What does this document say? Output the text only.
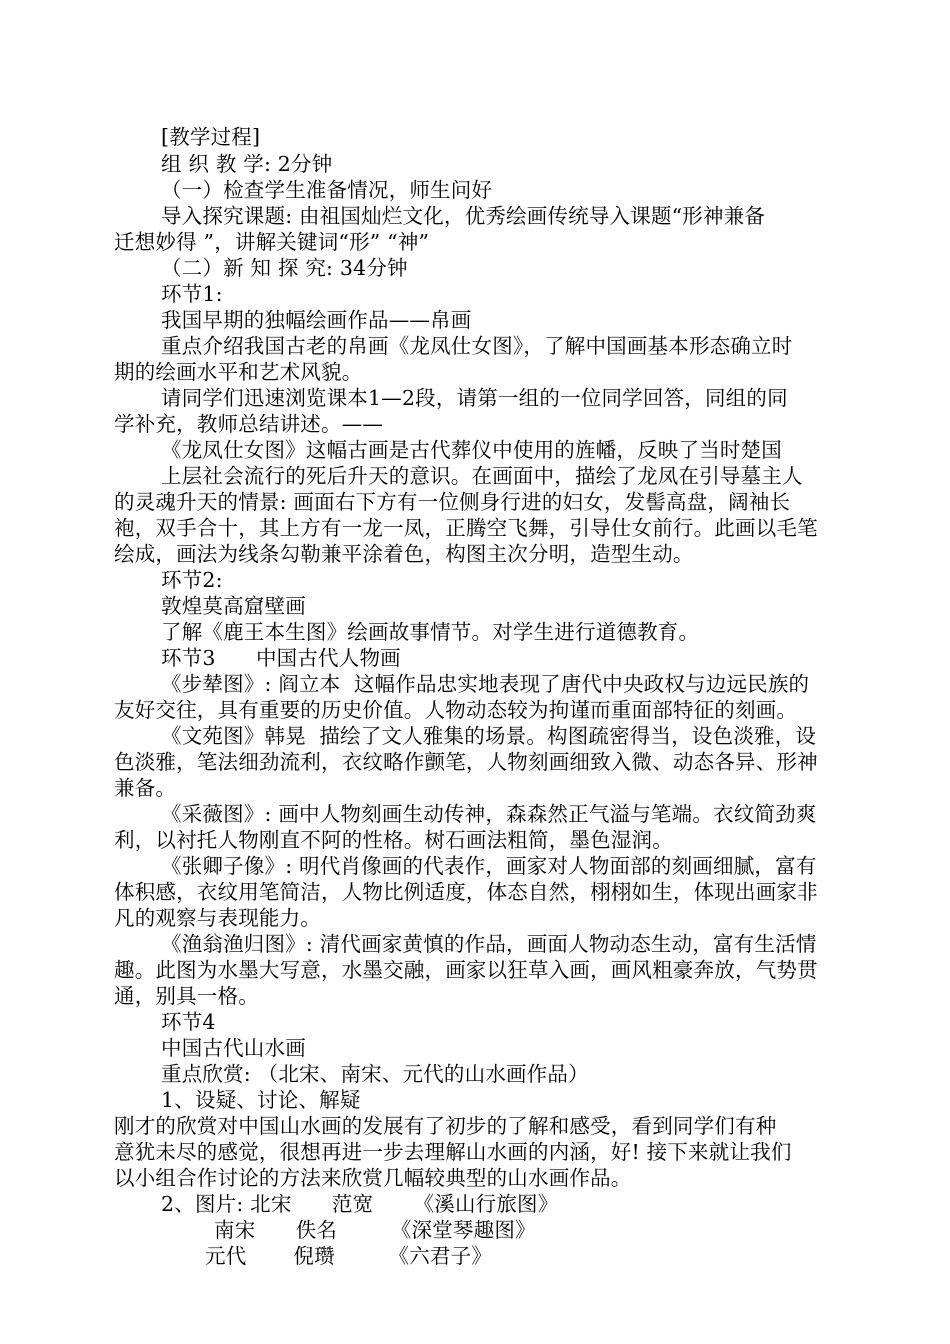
[教学过程]
组 织 教 学: 2分钟
（一）检查学生准备情况，师生问好
导入探究课题: 由祖国灿烂文化，优秀绘画传统导入课题“形神兼备
迁想妙得 ”，讲解关键词“形” “神”
（二）新 知 探 究: 34分钟
环节1:
我国早期的独幅绘画作品——帛画
重点介绍我国古老的帛画《龙凤仕女图》，了解中国画基本形态确立时
期的绘画水平和艺术风貌。
请同学们迅速浏览课本1—2段，请第一组的一位同学回答，同组的同
学补充，教师总结讲述。——
《龙凤仕女图》这幅古画是古代葬仪中使用的旌幡，反映了当时楚国
上层社会流行的死后升天的意识。在画面中，描绘了龙凤在引导墓主人
的灵魂升天的情景: 画面右下方有一位侧身行进的妇女，发髻高盘，阔袖长
袍，双手合十，其上方有一龙一凤，正腾空飞舞，引导仕女前行。此画以毛笔
绘成，画法为线条勾勒兼平涂着色，构图主次分明，造型生动。
环节2:
敦煌莫高窟壁画
了解《鹿王本生图》绘画故事情节。对学生进行道德教育。
环节3      中国古代人物画
《步辇图》: 阎立本  这幅作品忠实地表现了唐代中央政权与边远民族的
友好交往，具有重要的历史价值。人物动态较为拘谨而重面部特征的刻画。
《文苑图》韩晃  描绘了文人雅集的场景。构图疏密得当，设色淡雅，设
色淡雅，笔法细劲流利，衣纹略作颤笔，人物刻画细致入微、动态各异、形神
兼备。
《采薇图》: 画中人物刻画生动传神，森森然正气溢与笔端。衣纹简劲爽
利，以衬托人物刚直不阿的性格。树石画法粗简，墨色湿润。
《张卿子像》: 明代肖像画的代表作，画家对人物面部的刻画细腻，富有
体积感，衣纹用笔简洁，人物比例适度，体态自然，栩栩如生，体现出画家非
凡的观察与表现能力。
《渔翁渔归图》: 清代画家黄慎的作品，画面人物动态生动，富有生活情
趣。此图为水墨大写意，水墨交融，画家以狂草入画，画风粗豪奔放，气势贯
通，别具一格。
环节4
中国古代山水画
重点欣赏: （北宋、南宋、元代的山水画作品）
1、设疑、讨论、解疑
刚才的欣赏对中国山水画的发展有了初步的了解和感受，看到同学们有种
意犹未尽的感觉，很想再进一步去理解山水画的内涵，好! 接下来就让我们
以小组合作讨论的方法来欣赏几幅较典型的山水画作品。
2、图片: 北宋      范宽      《溪山行旅图》
南宋      佚名        《深堂琴趣图》
元代       倪瓒        《六君子》
